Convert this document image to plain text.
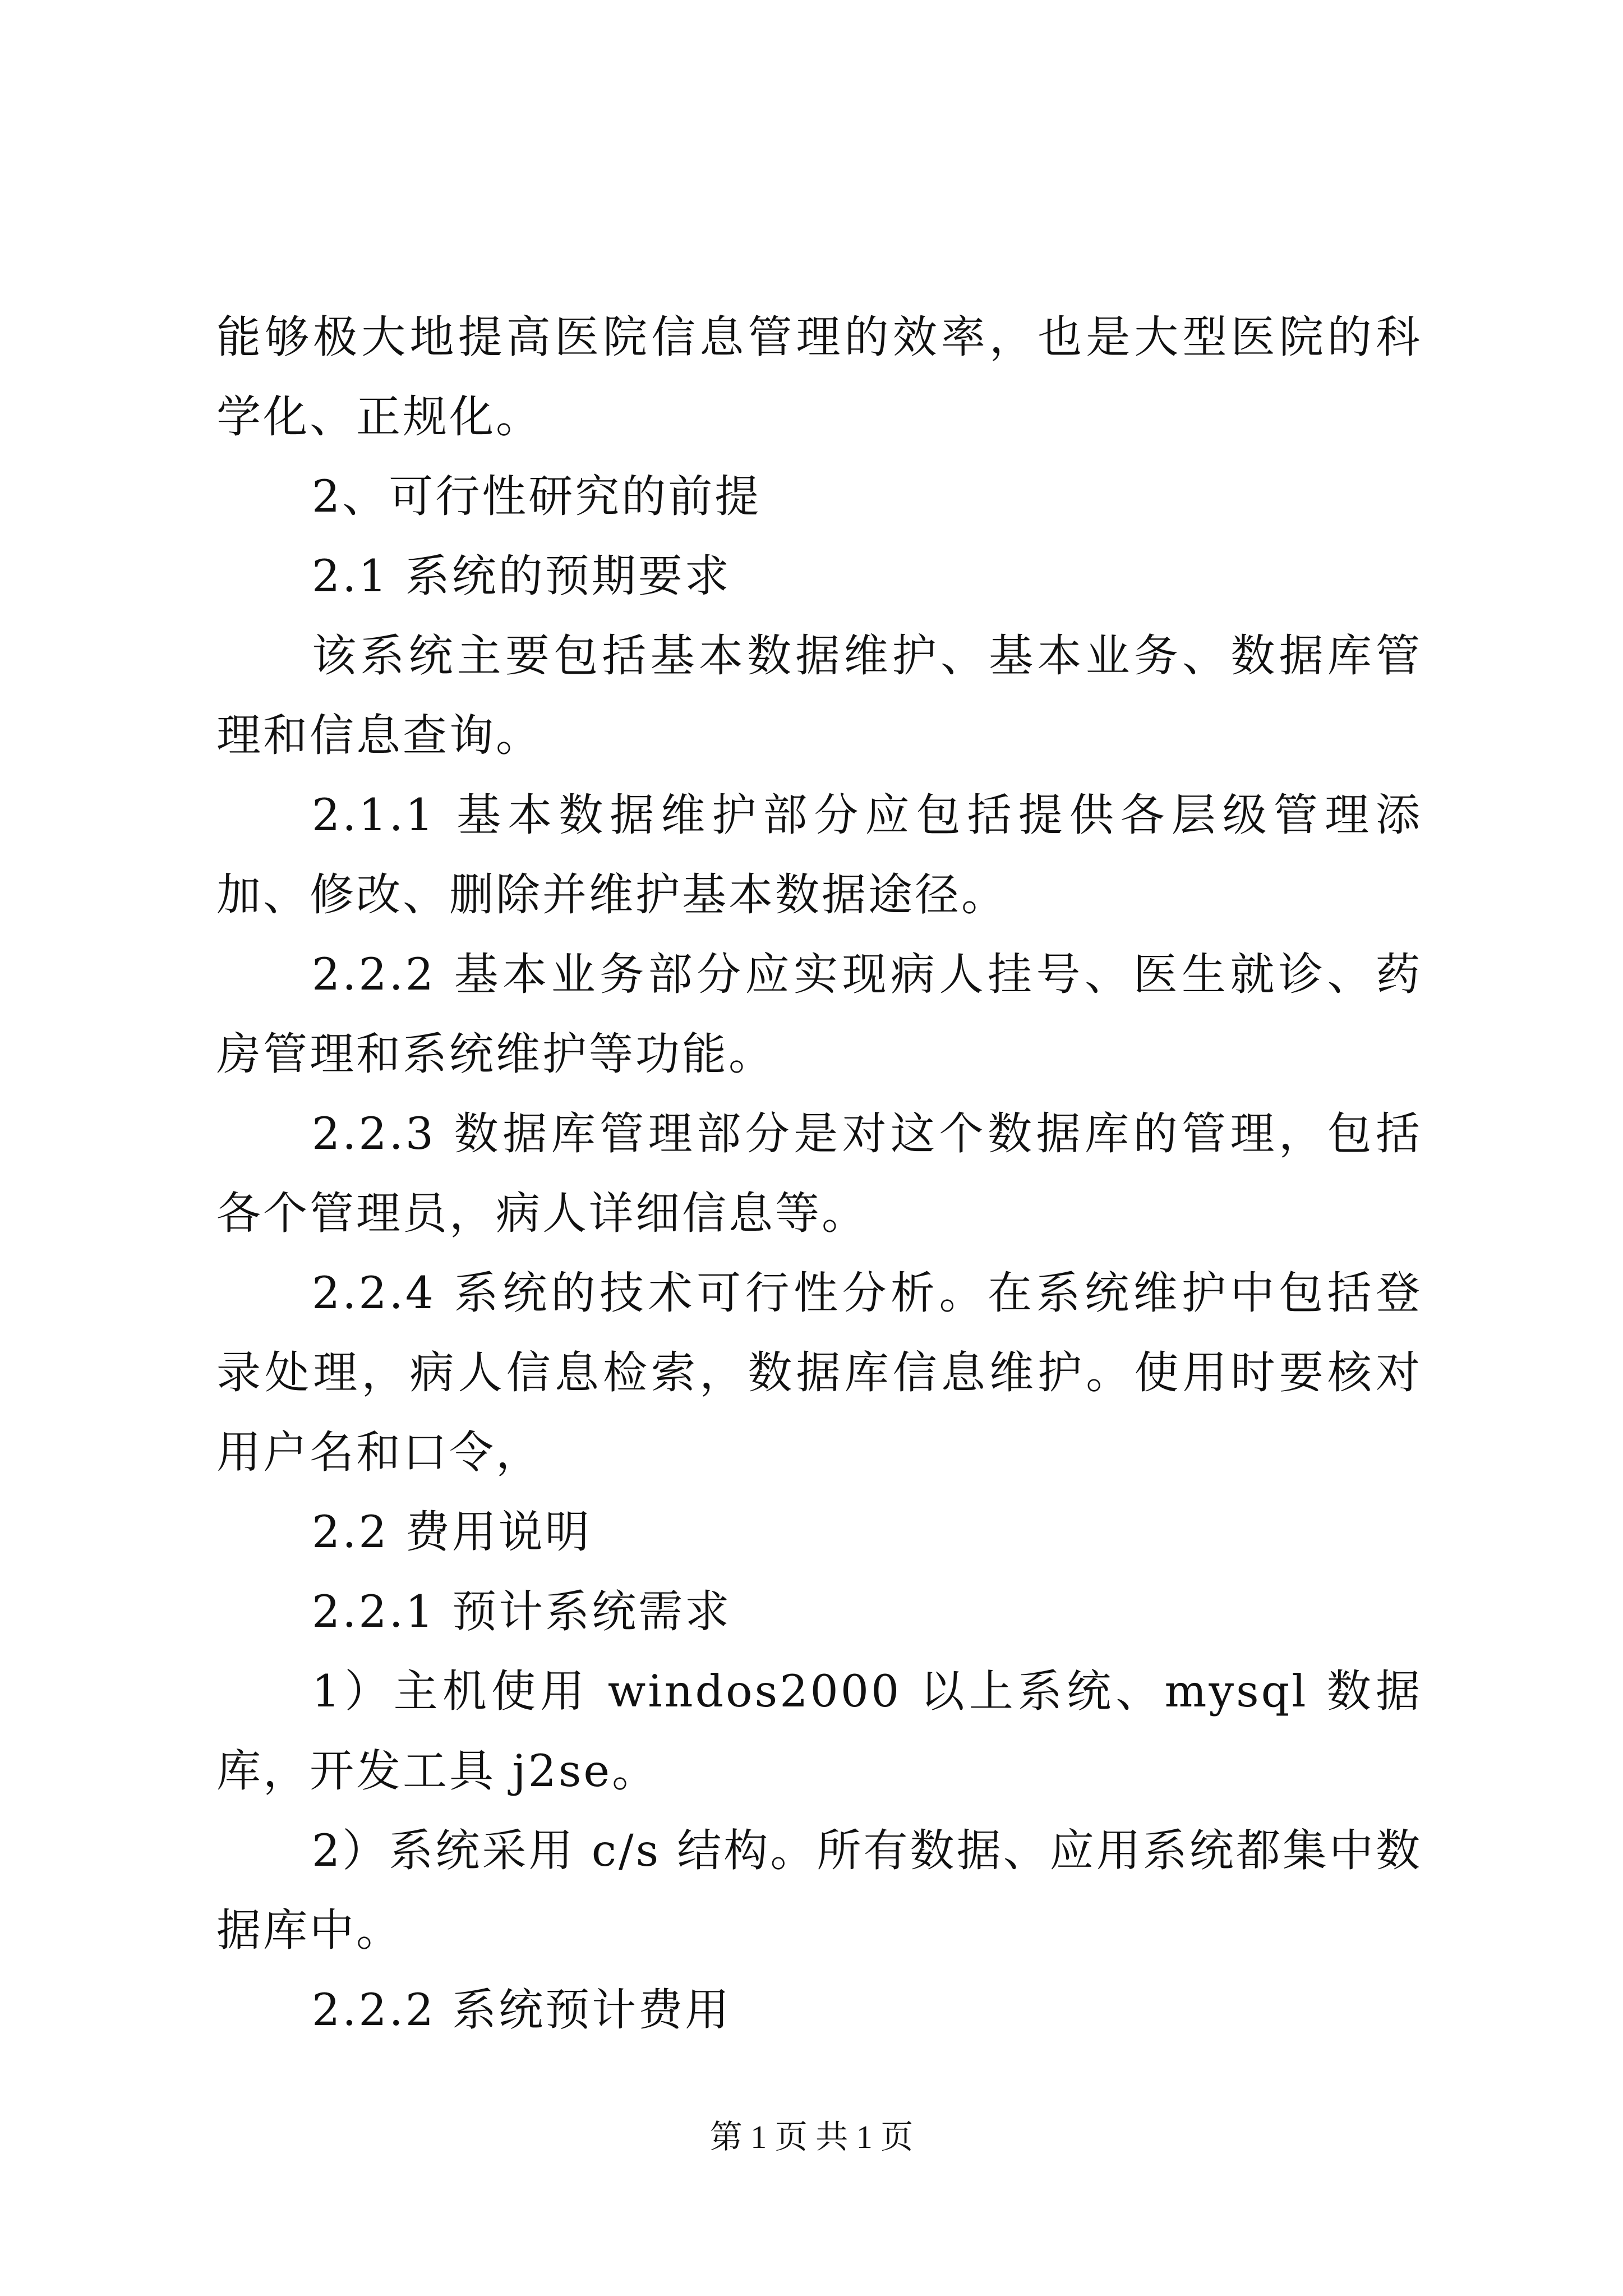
能够极大地提高医院信息管理的效率，也是大型医院的科学化、正规化。

2、可行性研究的前提

2.1 系统的预期要求

该系统主要包括基本数据维护、基本业务、数据库管理和信息查询。

2.1.1 基本数据维护部分应包括提供各层级管理添加、修改、删除并维护基本数据途径。

2.2.2 基本业务部分应实现病人挂号、医生就诊、药房管理和系统维护等功能。

2.2.3 数据库管理部分是对这个数据库的管理，包括各个管理员，病人详细信息等。

2.2.4 系统的技术可行性分析。在系统维护中包括登录处理，病人信息检索，数据库信息维护。使用时要核对用户名和口令，

2.2 费用说明

2.2.1 预计系统需求

1）主机使用 windos2000 以上系统、mysql 数据库，开发工具 j2se。

2）系统采用 c/s 结构。所有数据、应用系统都集中数据库中。

2.2.2 系统预计费用

第 1 页 共 1 页
